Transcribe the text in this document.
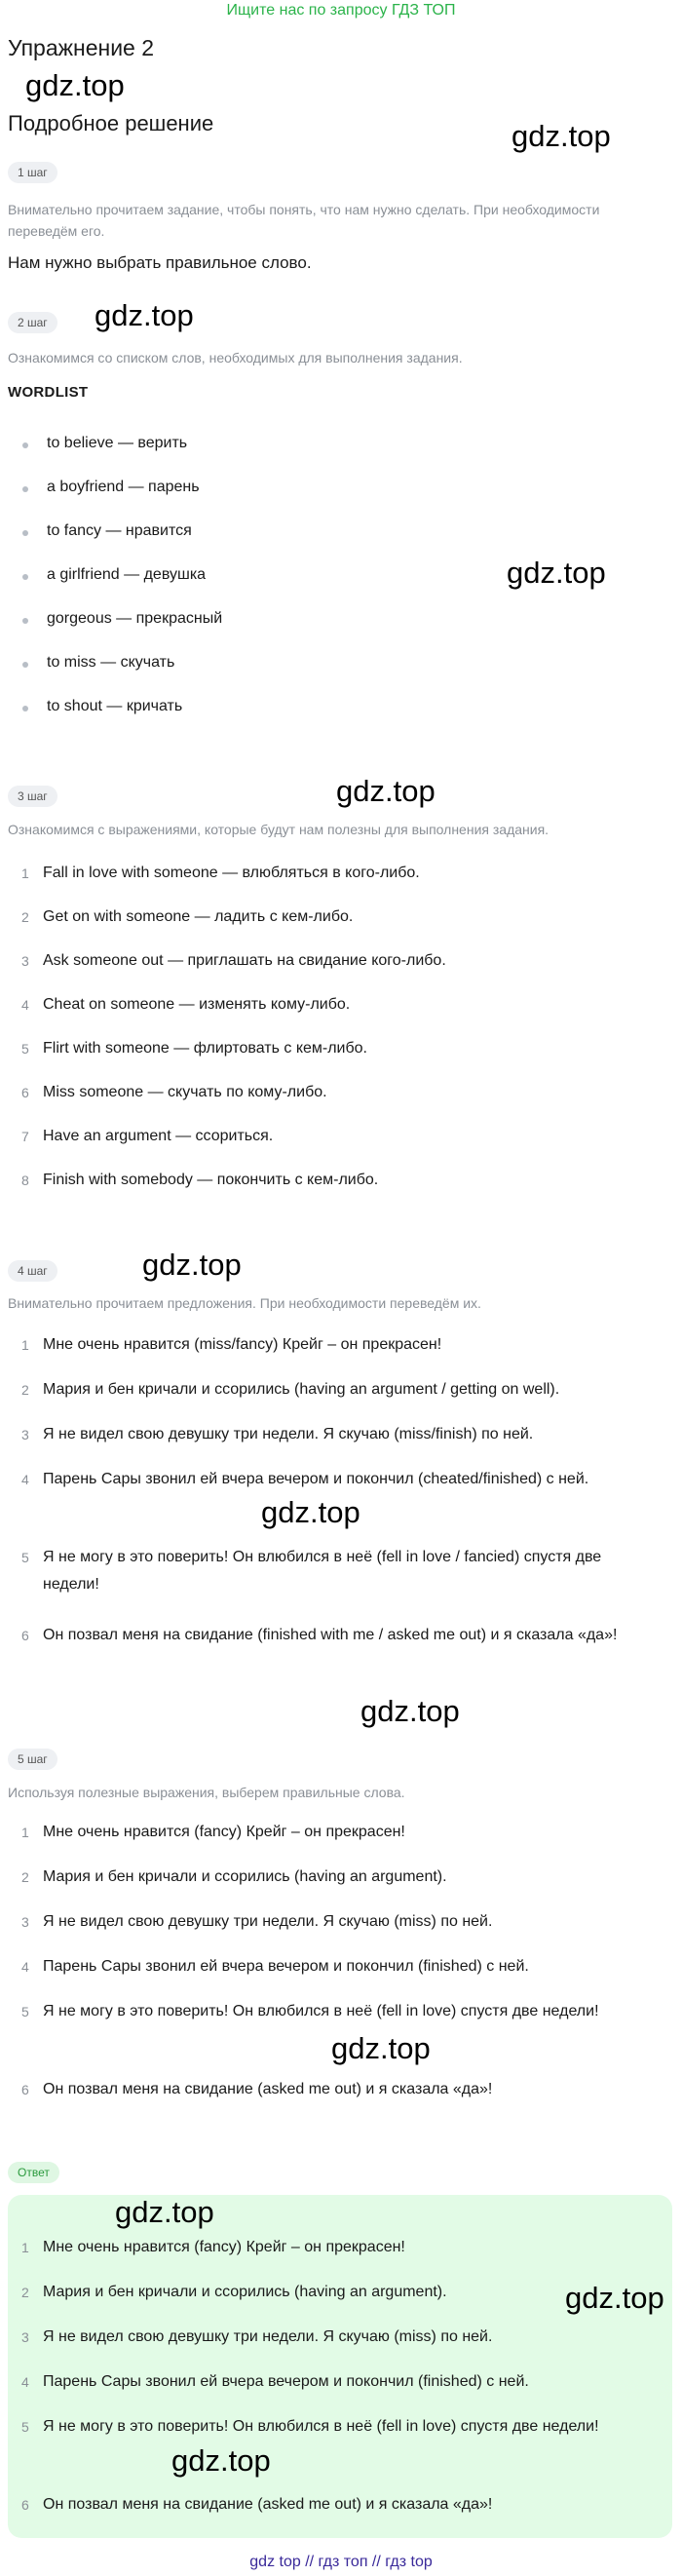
Ищите нас по запросу ГДЗ ТОП
Упражнение 2
gdz.top
Подробное решение	gdz.top
1 шаг
Внимательно прочитаем задание, чтобы понять, что нам нужно сделать. При необходимости переведём его.
Нам нужно выбрать правильное слово.
2 шаг	gdz.top
Ознакомимся со списком слов, необходимых для выполнения задания.
WORDLIST
to believe — верить
a boyfriend — парень
to fancy — нравится
a girlfriend — девушка
gorgeous — прекрасный
to miss — скучать
to shout — кричать
gdz.top
3 шаг	gdz.top
Ознакомимся с выражениями, которые будут нам полезны для выполнения задания.
1 Fall in love with someone — влюбляться в кого-либо.
2 Get on with someone — ладить с кем-либо.
3 Ask someone out — приглашать на свидание кого-либо.
4 Cheat on someone — изменять кому-либо.
5 Flirt with someone — флиртовать с кем-либо.
6 Miss someone — скучать по кому-либо.
7 Have an argument — ссориться.
8 Finish with somebody — покончить с кем-либо.
4 шаг	gdz.top
Внимательно прочитаем предложения. При необходимости переведём их.
1 Мне очень нравится (miss/fancy) Крейг – он прекрасен!
2 Мария и бен кричали и ссорились (having an argument / getting on well).
3 Я не видел свою девушку три недели. Я скучаю (miss/finish) по ней.
4 Парень Сары звонил ей вчера вечером и покончил (cheated/finished) с ней.
5 Я не могу в это поверить! Он влюбился в неё (fell in love / fancied) спустя две недели!
6 Он позвал меня на свидание (finished with me / asked me out) и я сказала «да»!
gdz.top
gdz.top
5 шаг
Используя полезные выражения, выберем правильные слова.
1 Мне очень нравится (fancy) Крейг – он прекрасен!
2 Мария и бен кричали и ссорились (having an argument).
3 Я не видел свою девушку три недели. Я скучаю (miss) по ней.
4 Парень Сары звонил ей вчера вечером и покончил (finished) с ней.
5 Я не могу в это поверить! Он влюбился в неё (fell in love) спустя две недели!
6 Он позвал меня на свидание (asked me out) и я сказала «да»!
gdz.top
Ответ
gdz.top
gdz.top
gdz.top
1 Мне очень нравится (fancy) Крейг – он прекрасен!
2 Мария и бен кричали и ссорились (having an argument).
3 Я не видел свою девушку три недели. Я скучаю (miss) по ней.
4 Парень Сары звонил ей вчера вечером и покончил (finished) с ней.
5 Я не могу в это поверить! Он влюбился в неё (fell in love) спустя две недели!
6 Он позвал меня на свидание (asked me out) и я сказала «да»!
gdz top // гдз топ // гдз top
